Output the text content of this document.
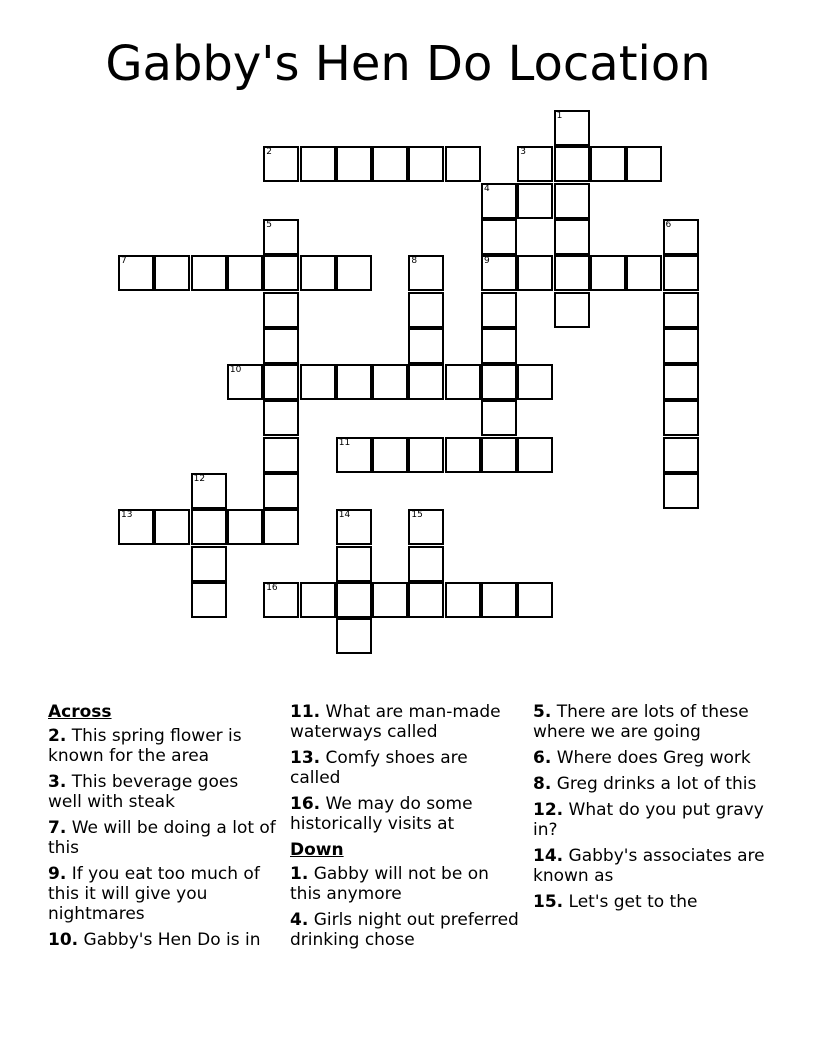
Gabby's Hen Do Location
2	3
7	9
10
11
13
16
1
4
5	6
8
12
14	15
Across
2. This spring flower is known for the area
3. This beverage goes well with steak
7. We will be doing a lot of this
9. If you eat too much of this it will give you nightmares
10. Gabby's Hen Do is in
11. What are man-made waterways called
13. Comfy shoes are called
16. We may do some historically visits at
Down
1. Gabby will not be on this anymore
4. Girls night out preferred drinking chose
5. There are lots of these where we are going
6. Where does Greg work
8. Greg drinks a lot of this
12. What do you put gravy in?
14. Gabby's associates are known as
15. Let's get to the
